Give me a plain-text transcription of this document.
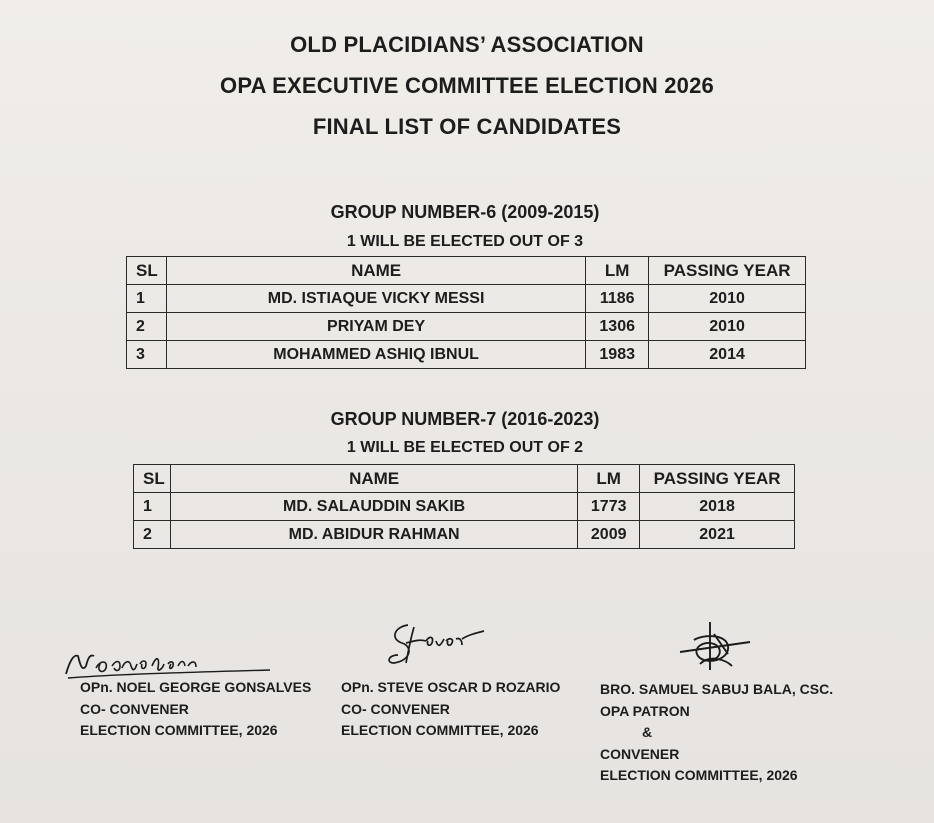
OLD PLACIDIANS’ ASSOCIATION
OPA EXECUTIVE COMMITTEE ELECTION 2026
FINAL LIST OF CANDIDATES
GROUP NUMBER-6 (2009-2015)
1 WILL BE ELECTED OUT OF 3
SL	NAME	LM	PASSING YEAR
1	MD. ISTIAQUE VICKY MESSI	1186	2010
2	PRIYAM DEY	1306	2010
3	MOHAMMED ASHIQ IBNUL	1983	2014
GROUP NUMBER-7 (2016-2023)
1 WILL BE ELECTED OUT OF 2
SL	NAME	LM	PASSING YEAR
1	MD. SALAUDDIN SAKIB	1773	2018
2	MD. ABIDUR RAHMAN	2009	2021
OPn. NOEL GEORGE GONSALVES
CO- CONVENER
ELECTION COMMITTEE, 2026
OPn. STEVE OSCAR D ROZARIO
CO- CONVENER
ELECTION COMMITTEE, 2026
BRO. SAMUEL SABUJ BALA, CSC.
OPA PATRON
&
CONVENER
ELECTION COMMITTEE, 2026
